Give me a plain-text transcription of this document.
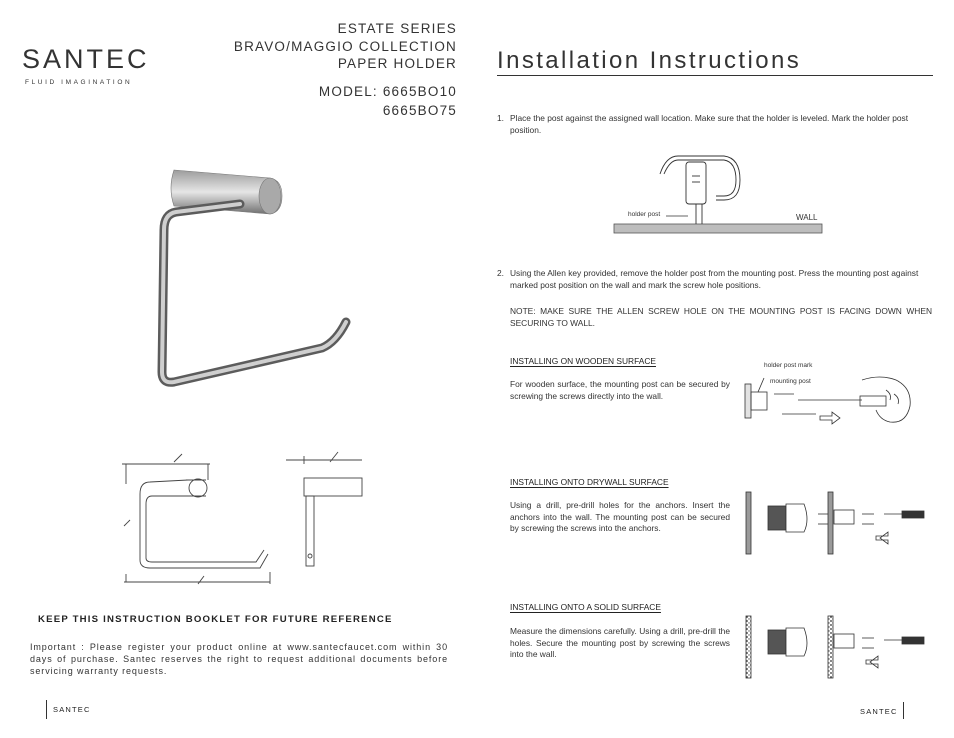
SANTEC
FLUID IMAGINATION
ESTATE SERIES
BRAVO/MAGGIO COLLECTION
PAPER HOLDER
MODEL: 6665BO10
6665BO75
KEEP THIS INSTRUCTION BOOKLET FOR FUTURE REFERENCE
Important : Please register your product online at www.santecfaucet.com within 30 days of purchase. Santec reserves the right to request additional documents before servicing warranty requests.
SANTEC
Installation Instructions
1. Place the post against the assigned wall location. Make sure that the holder is leveled. Mark the holder post position.
holder post	WALL
2. Using the Allen key provided, remove the holder post from the mounting post. Press the mounting post against marked post position on the wall and mark the screw hole positions.
NOTE: MAKE SURE THE ALLEN SCREW HOLE ON THE MOUNTING POST IS FACING DOWN WHEN SECURING TO WALL.
INSTALLING ON WOODEN SURFACE
For wooden surface, the mounting post can be secured by screwing the screws directly into the wall.
holder post mark
mounting post
INSTALLING ONTO DRYWALL SURFACE
Using a drill, pre-drill holes for the anchors. Insert the anchors into the wall. The mounting post can be secured by screwing the screws into the anchors.
INSTALLING ONTO A SOLID SURFACE
Measure the dimensions carefully. Using a drill, pre-drill the holes. Secure the mounting post by screwing the screws into the wall.
SANTEC
